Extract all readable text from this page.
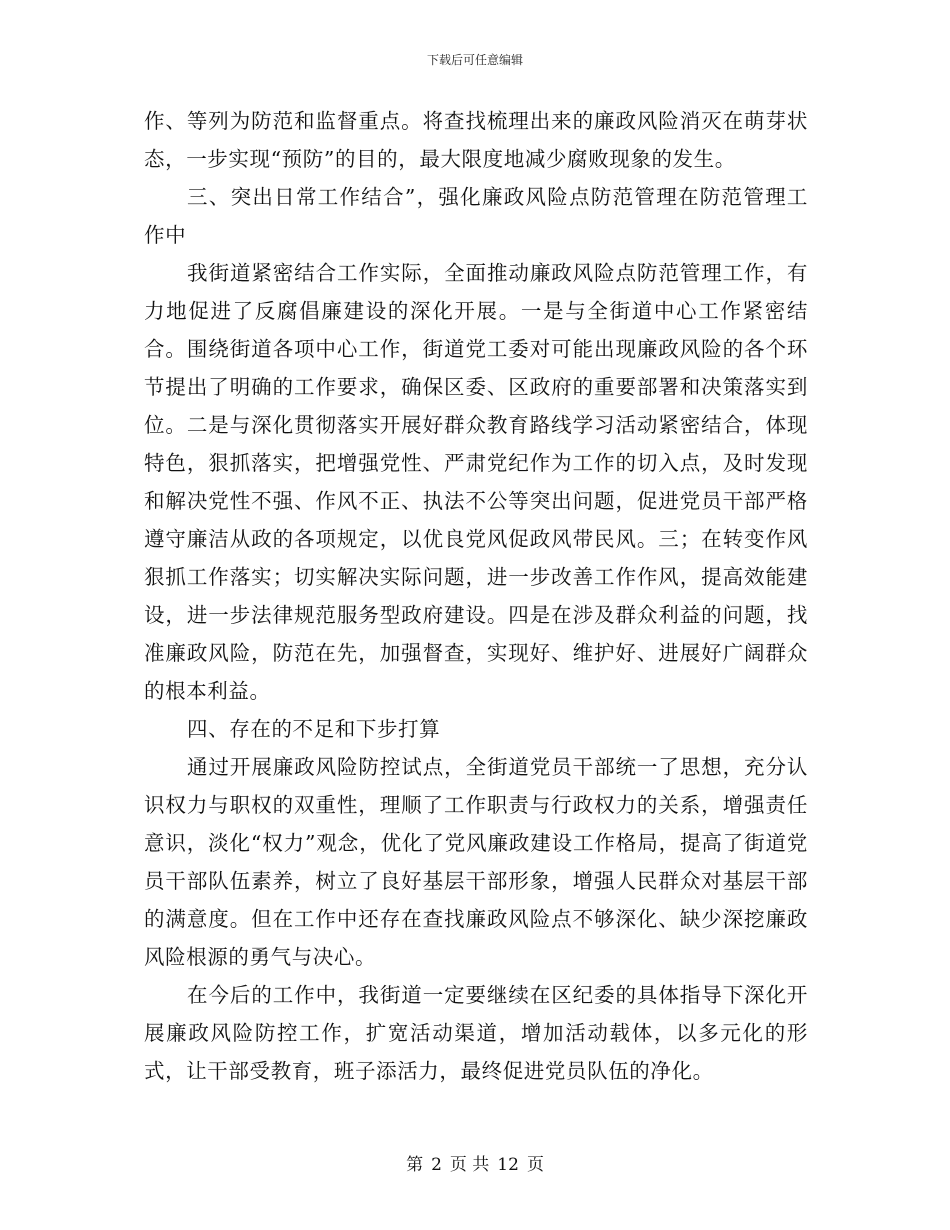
下载后可任意编辑

作、等列为防范和监督重点。将查找梳理出来的廉政风险消灭在萌芽状态，一步实现“预防”的目的，最大限度地减少腐败现象的发生。

三、突出日常工作结合”，强化廉政风险点防范管理在防范管理工作中

我街道紧密结合工作实际，全面推动廉政风险点防范管理工作，有力地促进了反腐倡廉建设的深化开展。一是与全街道中心工作紧密结合。围绕街道各项中心工作，街道党工委对可能出现廉政风险的各个环节提出了明确的工作要求，确保区委、区政府的重要部署和决策落实到位。二是与深化贯彻落实开展好群众教育路线学习活动紧密结合，体现特色，狠抓落实，把增强党性、严肃党纪作为工作的切入点，及时发现和解决党性不强、作风不正、执法不公等突出问题，促进党员干部严格遵守廉洁从政的各项规定，以优良党风促政风带民风。三；在转变作风狠抓工作落实；切实解决实际问题，进一步改善工作作风，提高效能建设，进一步法律规范服务型政府建设。四是在涉及群众利益的问题，找准廉政风险，防范在先，加强督查，实现好、维护好、进展好广阔群众的根本利益。

四、存在的不足和下步打算

通过开展廉政风险防控试点，全街道党员干部统一了思想，充分认识权力与职权的双重性，理顺了工作职责与行政权力的关系，增强责任意识，淡化“权力”观念，优化了党风廉政建设工作格局，提高了街道党员干部队伍素养，树立了良好基层干部形象，增强人民群众对基层干部的满意度。但在工作中还存在查找廉政风险点不够深化、缺少深挖廉政风险根源的勇气与决心。

在今后的工作中，我街道一定要继续在区纪委的具体指导下深化开展廉政风险防控工作，扩宽活动渠道，增加活动载体，以多元化的形式，让干部受教育，班子添活力，最终促进党员队伍的净化。

第 2 页 共 12 页
